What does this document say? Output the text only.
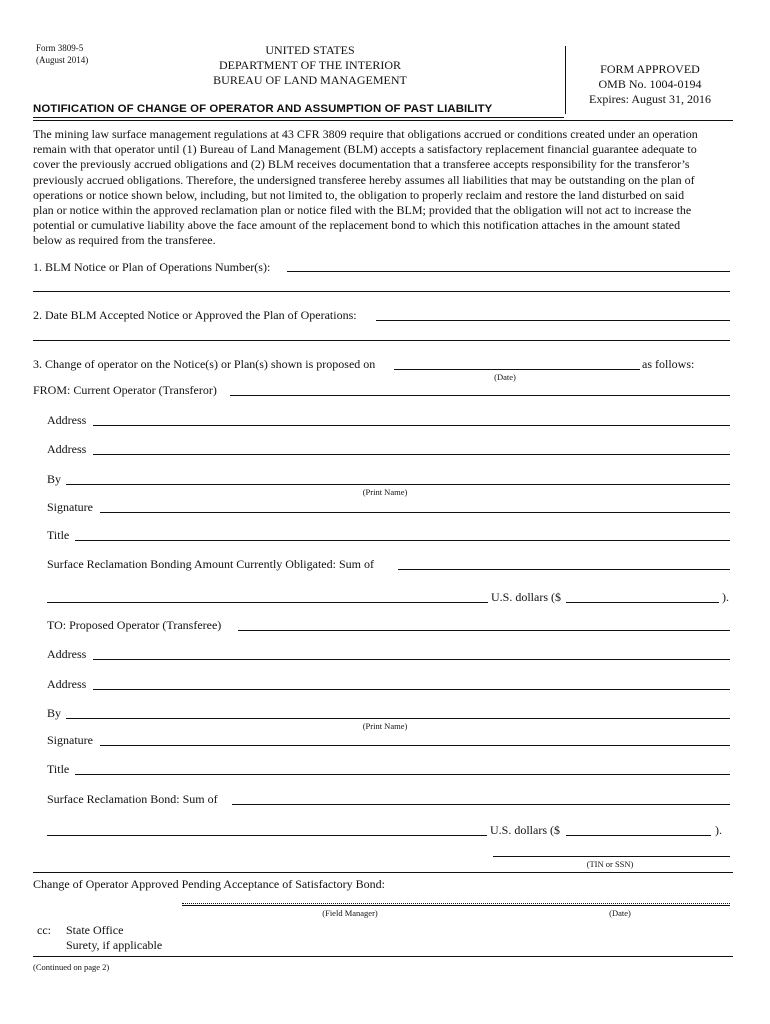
Form 3809-5
(August 2014)
UNITED STATES
DEPARTMENT OF THE INTERIOR
BUREAU OF LAND MANAGEMENT
FORM APPROVED
OMB No. 1004-0194
Expires: August 31, 2016
NOTIFICATION OF CHANGE OF OPERATOR AND ASSUMPTION OF PAST LIABILITY
The mining law surface management regulations at 43 CFR 3809 require that obligations accrued or conditions created under an operation
remain with that operator until (1) Bureau of Land Management (BLM) accepts a satisfactory replacement financial guarantee adequate to
cover the previously accrued obligations and (2) BLM receives documentation that a transferee accepts responsibility for the transferor’s
previously accrued obligations. Therefore, the undersigned transferee hereby assumes all liabilities that may be outstanding on the plan of
operations or notice shown below, including, but not limited to, the obligation to properly reclaim and restore the land disturbed on said
plan or notice within the approved reclamation plan or notice filed with the BLM; provided that the obligation will not act to increase the
potential or cumulative liability above the face amount of the replacement bond to which this notification attaches in the amount stated
below as required from the transferee.
1. BLM Notice or Plan of Operations Number(s):
2. Date BLM Accepted Notice or Approved the Plan of Operations:
3. Change of operator on the Notice(s) or Plan(s) shown is proposed on	as follows:
(Date)
FROM: Current Operator (Transferor)
Address
Address
By
(Print Name)
Signature
Title
Surface Reclamation Bonding Amount Currently Obligated: Sum of
U.S. dollars ($	).
TO: Proposed Operator (Transferee)
Address
Address
By
(Print Name)
Signature
Title
Surface Reclamation Bond: Sum of
U.S. dollars ($	).
(TIN or SSN)
Change of Operator Approved Pending Acceptance of Satisfactory Bond:
(Field Manager)	(Date)
cc: State Office
Surety, if applicable
(Continued on page 2)
